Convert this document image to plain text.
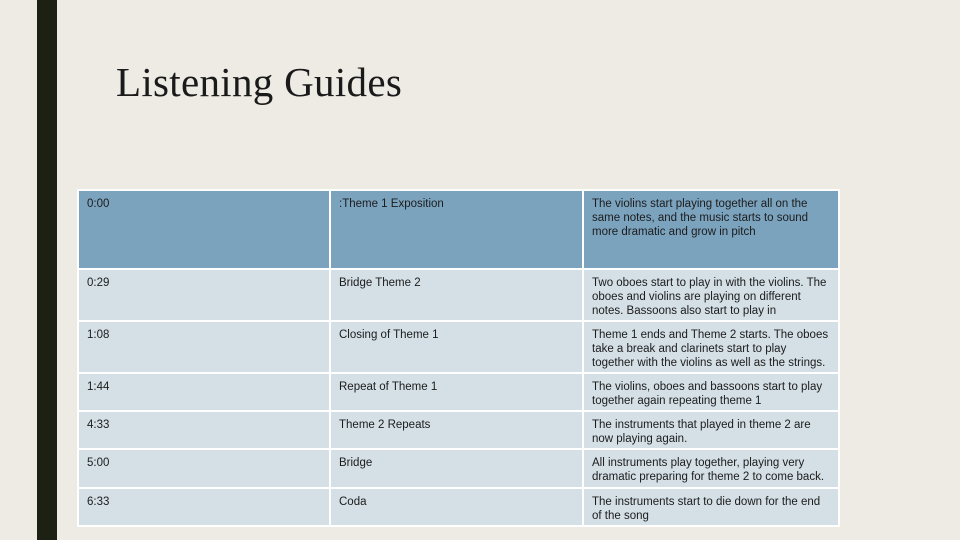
Listening Guides
0:00	:Theme 1 Exposition	The violins start playing together all on the same notes, and the music starts to sound more dramatic and grow in pitch
0:29	Bridge Theme 2	Two oboes start to play in with the violins. The oboes and violins are playing on different notes. Bassoons also start to play in
1:08	Closing of Theme 1	Theme 1 ends and Theme 2 starts. The oboes take a break and clarinets start to play together with the violins as well as the strings.
1:44	Repeat of Theme 1	The violins, oboes and bassoons start to play together again repeating theme 1
4:33	Theme 2 Repeats	The instruments that played in theme 2 are now playing again.
5:00	Bridge	All instruments play together, playing very dramatic preparing for theme 2 to come back.
6:33	Coda	The instruments start to die down for the end of the song
